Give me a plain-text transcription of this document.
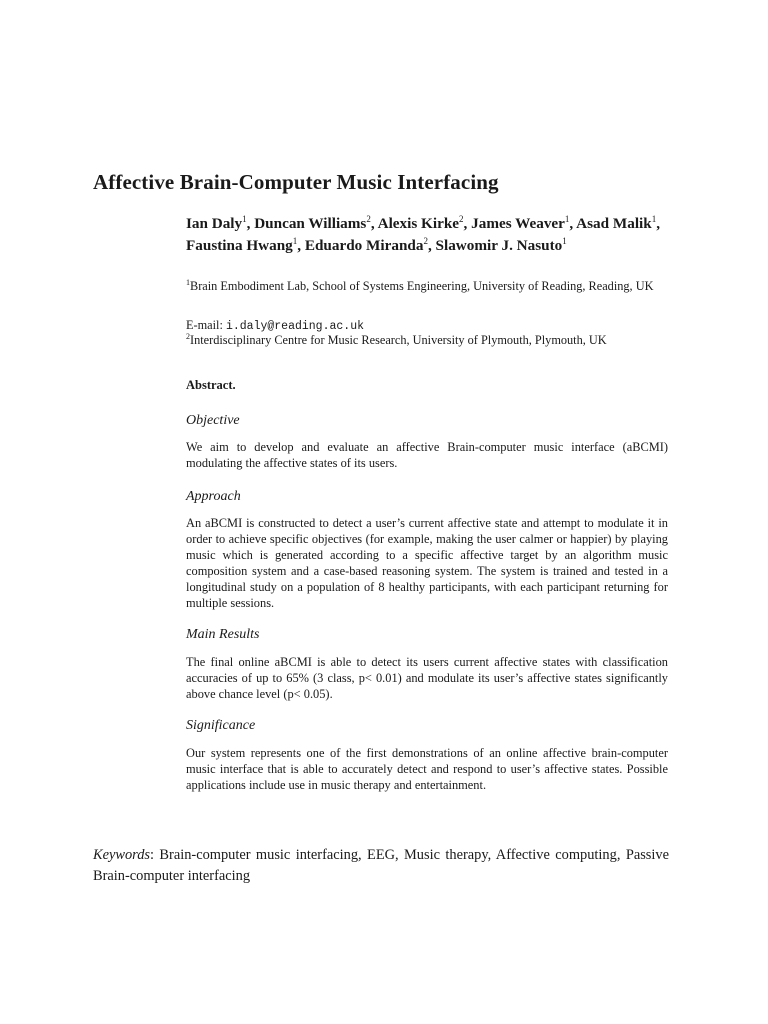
Affective Brain-Computer Music Interfacing
Ian Daly$^1$, Duncan Williams$^2$, Alexis Kirke$^2$, James Weaver$^1$, Asad Malik$^1$, Faustina Hwang$^1$, Eduardo Miranda$^2$, Slawomir J. Nasuto$^1$
$^1$Brain Embodiment Lab, School of Systems Engineering, University of Reading, Reading, UK
E-mail: i.daly@reading.ac.uk
$^2$Interdisciplinary Centre for Music Research, University of Plymouth, Plymouth, UK
Abstract.
Objective
We aim to develop and evaluate an affective Brain-computer music interface (aBCMI) modulating the affective states of its users.
Approach
An aBCMI is constructed to detect a user’s current affective state and attempt to modulate it in order to achieve specific objectives (for example, making the user calmer or happier) by playing music which is generated according to a specific affective target by an algorithm music composition system and a case-based reasoning system. The system is trained and tested in a longitudinal study on a population of 8 healthy participants, with each participant returning for multiple sessions.
Main Results
The final online aBCMI is able to detect its users current affective states with classification accuracies of up to 65% (3 class, p< 0.01) and modulate its user’s affective states significantly above chance level (p< 0.05).
Significance
Our system represents one of the first demonstrations of an online affective brain-computer music interface that is able to accurately detect and respond to user’s affective states. Possible applications include use in music therapy and entertainment.
Keywords: Brain-computer music interfacing, EEG, Music therapy, Affective computing, Passive Brain-computer interfacing
